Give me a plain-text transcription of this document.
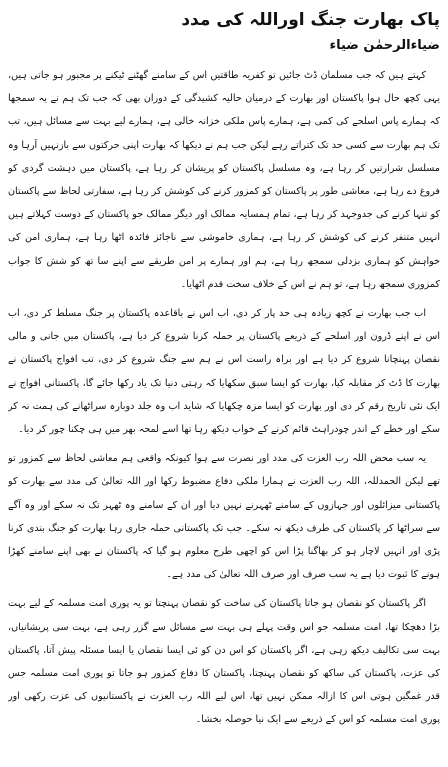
پاک بھارت جنگ اوراللہ کی مدد
ضیاءالرحمٰن ضیاء

کہتے ہیں کہ جب مسلمان ڈٹ جائیں تو کفریہ طاقتیں اس کے سامنے گھٹنے ٹیکنے پر مجبور ہو جاتی ہیں، یہی کچھ حال ہوا پاکستان اور بھارت کے درمیان حالیہ کشیدگی کے دوران بھی کہ جب تک ہم نے یہ سمجھا کہ ہمارے پاس اسلحے کی کمی ہے، ہمارے پاس ملکی خزانہ خالی ہے، ہمارے لیے بہت سے مسائل ہیں، تب تک ہم بھارت سے کسی حد تک کتراتے رہے لیکن جب ہم نے دیکھا کہ بھارت اپنی حرکتوں سے بازنہیں آرہا وہ مسلسل شرارتیں کر رہا ہے، وہ مسلسل پاکستان کو پریشان کر رہا ہے، پاکستان میں دہشت گردی کو فروغ دے رہا ہے، معاشی طور پر پاکستان کو کمزور کرنے کی کوشش کر رہا ہے، سفارتی لحاظ سے پاکستان کو تنہا کرنے کی جدوجہد کر رہا ہے، تمام ہمسایہ ممالک اور دیگر ممالک جو پاکستان کے دوست کہلاتے ہیں انہیں متنفر کرنے کی کوشش کر رہا ہے، ہماری خاموشی سے ناجائز فائدہ اٹھا رہا ہے، ہماری امن کی خواہش کو ہماری بزدلی سمجھ رہا ہے، ہم اور ہمارے پر امن طریقے سے اپنے سا تھ کو شش کا جواب کمزوری سمجھ رہا ہے، تو ہم نے اس کے خلاف سخت قدم اٹھایا۔

اب جب بھارت نے کچھ زیادہ ہی حد پار کر دی، اب اس نے باقاعدہ پاکستان پر جنگ مسلط کر دی، اب اس نے اپنے ڈرون اور اسلحے کے ذریعے پاکستان پر حملہ کرنا شروع کر دیا ہے، پاکستان میں جانی و مالی نقصان پہنچانا شروع کر دیا ہے اور براہ راست اس نے ہم سے جنگ شروع کر دی، تب افواج پاکستان نے بھارت کا ڈٹ کر مقابلہ کیا، بھارت کو ایسا سبق سکھایا کہ رہتی دنیا تک یاد رکھا جائے گا، پاکستانی افواج نے ایک نئی تاریخ رقم کر دی اور بھارت کو ایسا مزہ چکھایا کہ شاید اب وہ جلد دوبارہ سراٹھانے کی ہمت نہ کر سکے اور خطے کے اندر چودراہٹ قائم کرنے کے خواب دیکھ رہا تھا اسے لمحہ بھر میں ہی چکنا چور کر دیا۔

یہ سب محض اللہ رب العزت کی مدد اور نصرت سے ہوا کیونکہ واقعی ہم معاشی لحاظ سے کمزور تو تھے لیکن الحمدللہ، اللہ رب العزت نے ہمارا ملکی دفاع مضبوط رکھا اور اللہ تعالیٰ کی مدد سے بھارت کو پاکستانی میزائلوں اور جہازوں کے سامنے ٹھہرنے نہیں دیا اور ان کے سامنے وہ ٹھہر تک نہ سکے اور وہ آگے سے سراٹھا کر پاکستان کی طرف دیکھ نہ سکے۔ جب تک پاکستانی حملہ جاری رہا بھارت کو جنگ بندی کرنا پڑی اور انہیں لاچار ہو کر بھاگنا پڑا اس کو اچھی طرح معلوم ہو گیا کہ پاکستان نے بھی اپنے سامنے کھڑا ہونے کا ثبوت دیا ہے یہ سب صرف اور صرف اللہ تعالیٰ کی مدد ہے۔

اگر پاکستان کو نقصان ہو جاتا پاکستان کی ساخت کو نقصان پہنچتا تو یہ پوری امت مسلمہ کے لیے بہت بڑا دھچکا تھا، امت مسلمہ جو اس وقت پہلے ہی بہت سے مسائل سے گزر رہی ہے، بہت سی پریشانیاں، بہت سی تکالیف دیکھ رہی ہے، اگر پاکستان کو اس دن کو ئی ایسا نقصان یا ایسا مسئلہ پیش آتا، پاکستان کی عزت، پاکستان کی ساکھ کو نقصان پہنچتا، پاکستان کا دفاع کمزور ہو جاتا تو پوری امت مسلمہ جس قدر غمگین ہوتی اس کا ازالہ ممکن نہیں تھا، اس لیے اللہ رب العزت نے پاکستانیوں کی عزت رکھی اور پوری امت مسلمہ کو اس کے ذریعے سے ایک نیا حوصلہ بخشا۔
